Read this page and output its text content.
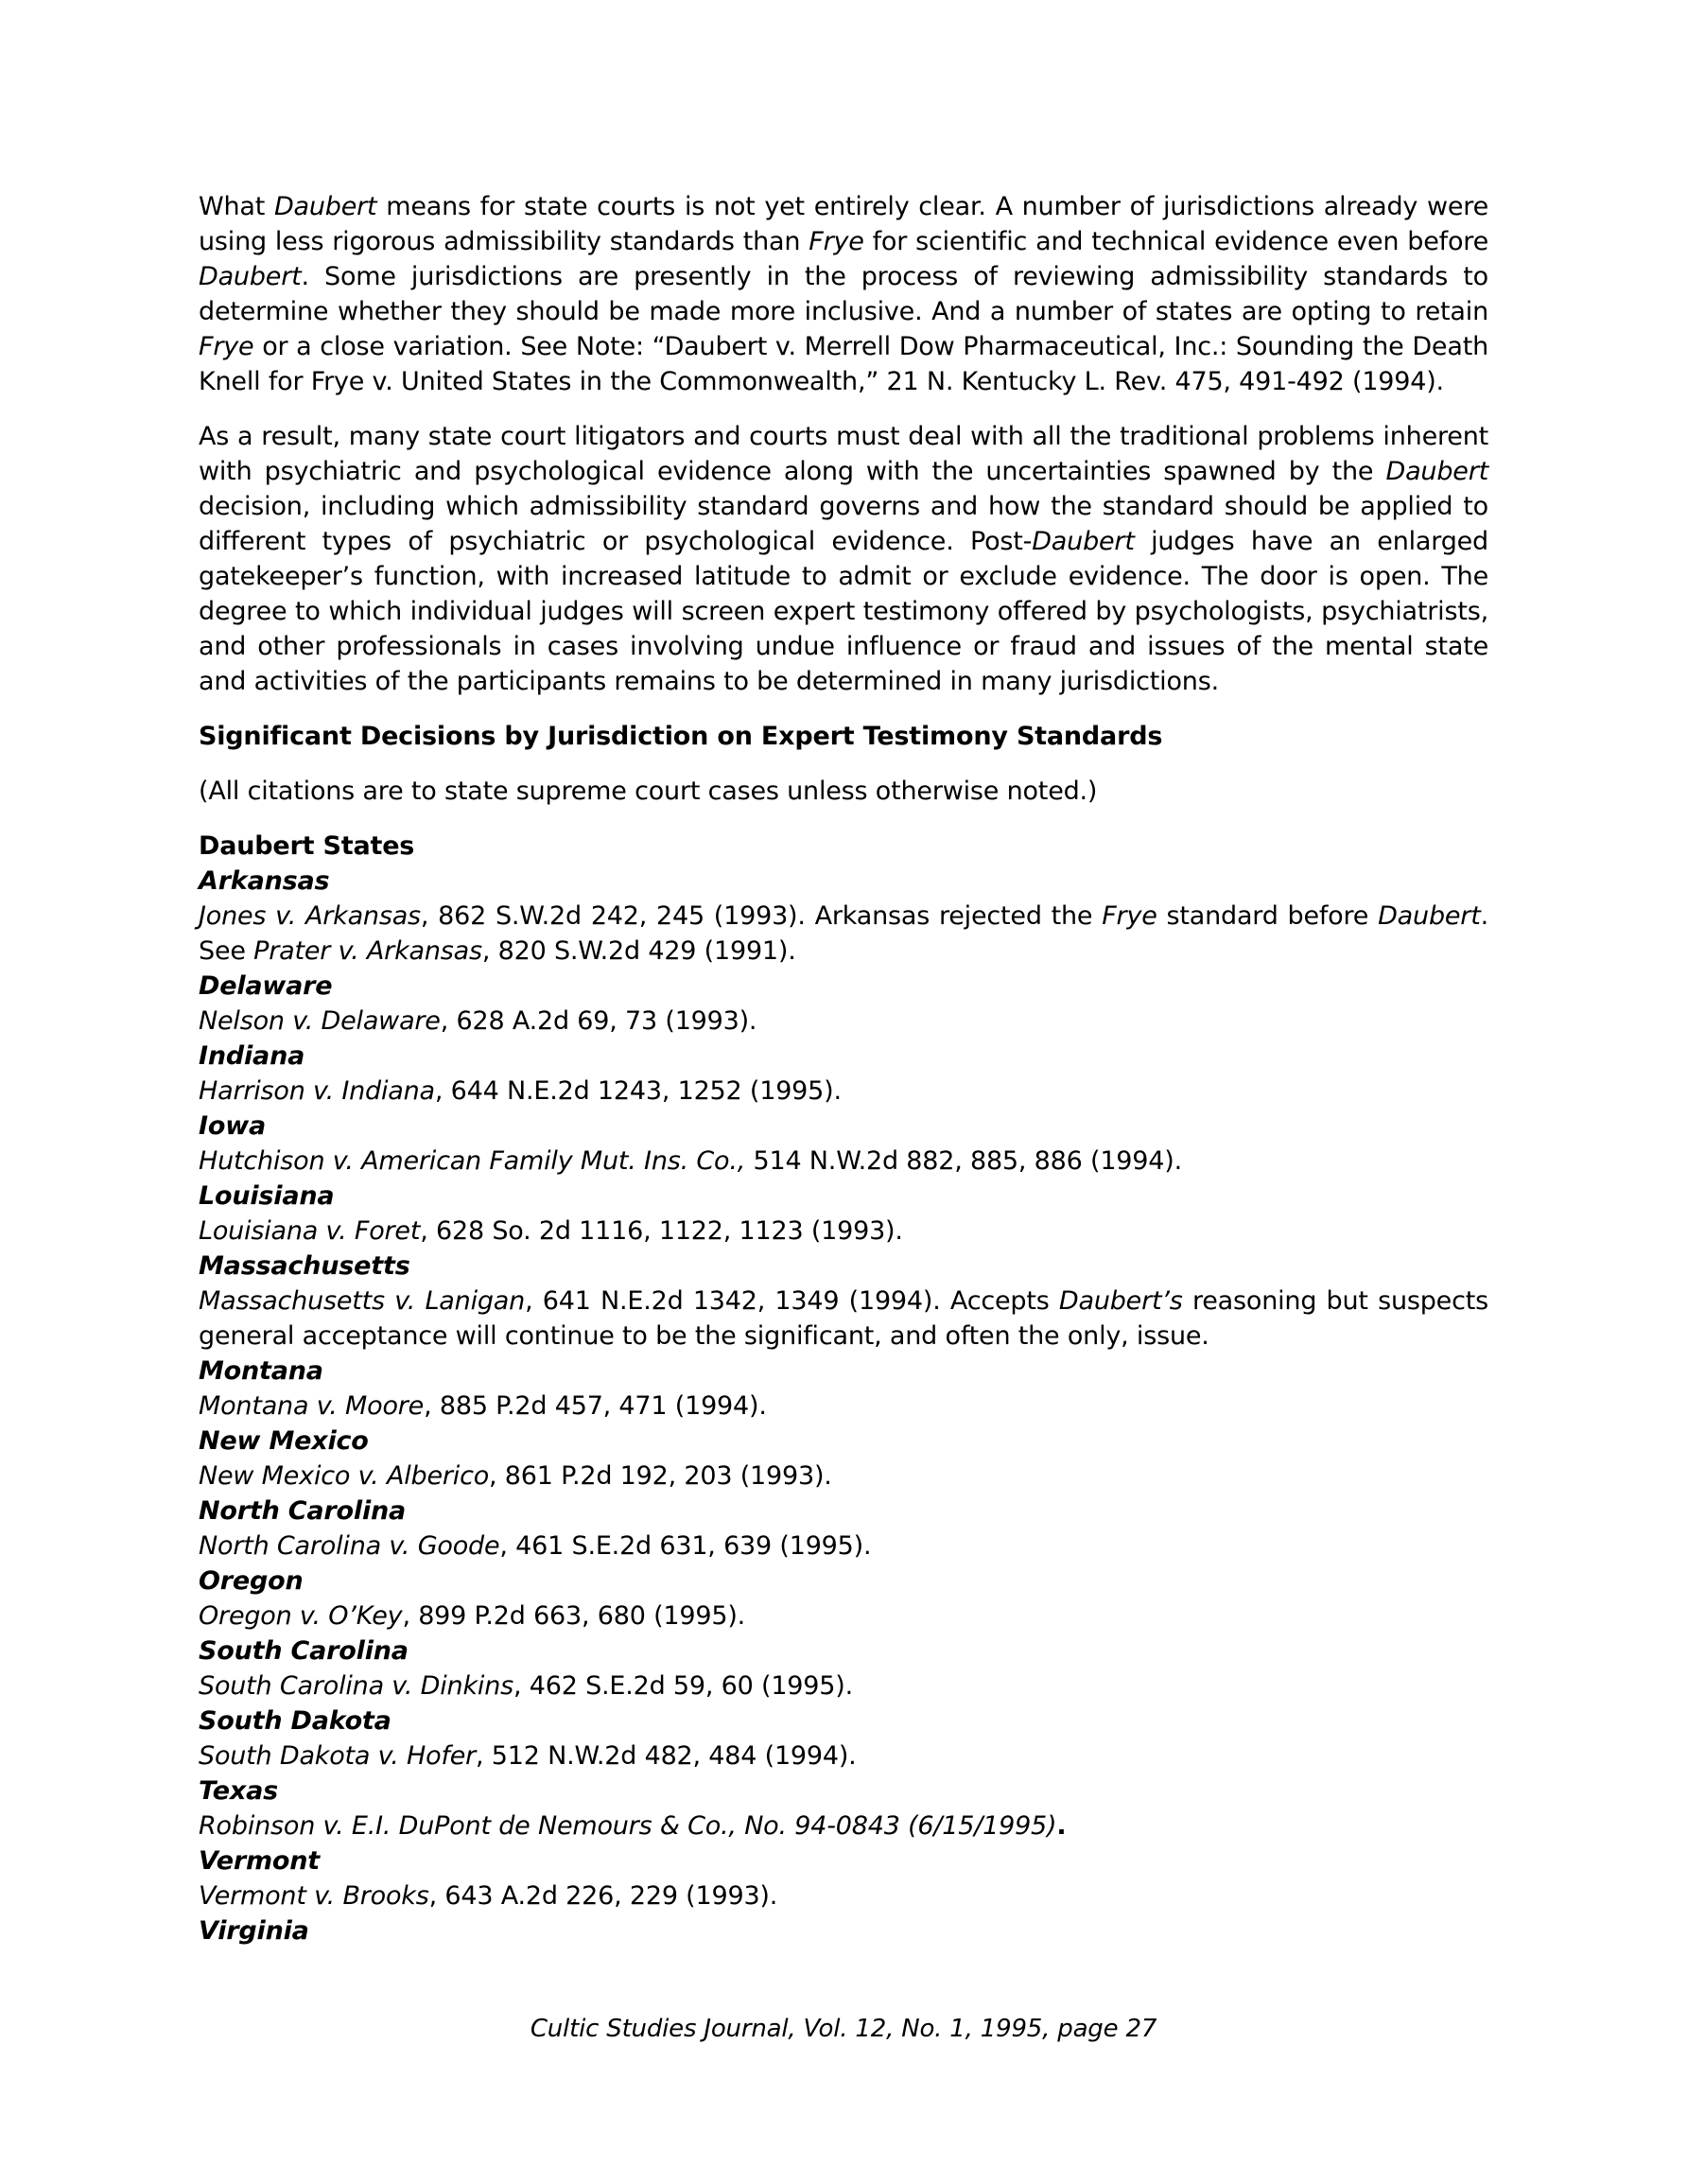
What Daubert means for state courts is not yet entirely clear. A number of jurisdictions already were using less rigorous admissibility standards than Frye for scientific and technical evidence even before Daubert. Some jurisdictions are presently in the process of reviewing admissibility standards to determine whether they should be made more inclusive. And a number of states are opting to retain Frye or a close variation. See Note: “Daubert v. Merrell Dow Pharmaceutical, Inc.: Sounding the Death Knell for Frye v. United States in the Commonwealth,” 21 N. Kentucky L. Rev. 475, 491-492 (1994).

As a result, many state court litigators and courts must deal with all the traditional problems inherent with psychiatric and psychological evidence along with the uncertainties spawned by the Daubert decision, including which admissibility standard governs and how the standard should be applied to different types of psychiatric or psychological evidence. Post-Daubert judges have an enlarged gatekeeper’s function, with increased latitude to admit or exclude evidence. The door is open. The degree to which individual judges will screen expert testimony offered by psychologists, psychiatrists, and other professionals in cases involving undue influence or fraud and issues of the mental state and activities of the participants remains to be determined in many jurisdictions.

Significant Decisions by Jurisdiction on Expert Testimony Standards

(All citations are to state supreme court cases unless otherwise noted.)

Daubert States

Arkansas

Jones v. Arkansas, 862 S.W.2d 242, 245 (1993). Arkansas rejected the Frye standard before Daubert. See Prater v. Arkansas, 820 S.W.2d 429 (1991).

Delaware

Nelson v. Delaware, 628 A.2d 69, 73 (1993).

Indiana

Harrison v. Indiana, 644 N.E.2d 1243, 1252 (1995).

Iowa

Hutchison v. American Family Mut. Ins. Co., 514 N.W.2d 882, 885, 886 (1994).

Louisiana

Louisiana v. Foret, 628 So. 2d 1116, 1122, 1123 (1993).

Massachusetts

Massachusetts v. Lanigan, 641 N.E.2d 1342, 1349 (1994). Accepts Daubert’s reasoning but suspects general acceptance will continue to be the significant, and often the only, issue.

Montana

Montana v. Moore, 885 P.2d 457, 471 (1994).

New Mexico

New Mexico v. Alberico, 861 P.2d 192, 203 (1993).

North Carolina

North Carolina v. Goode, 461 S.E.2d 631, 639 (1995).

Oregon

Oregon v. O’Key, 899 P.2d 663, 680 (1995).

South Carolina

South Carolina v. Dinkins, 462 S.E.2d 59, 60 (1995).

South Dakota

South Dakota v. Hofer, 512 N.W.2d 482, 484 (1994).

Texas

Robinson v. E.I. DuPont de Nemours & Co., No. 94-0843 (6/15/1995).

Vermont

Vermont v. Brooks, 643 A.2d 226, 229 (1993).

Virginia

Cultic Studies Journal, Vol. 12, No. 1, 1995, page 27
